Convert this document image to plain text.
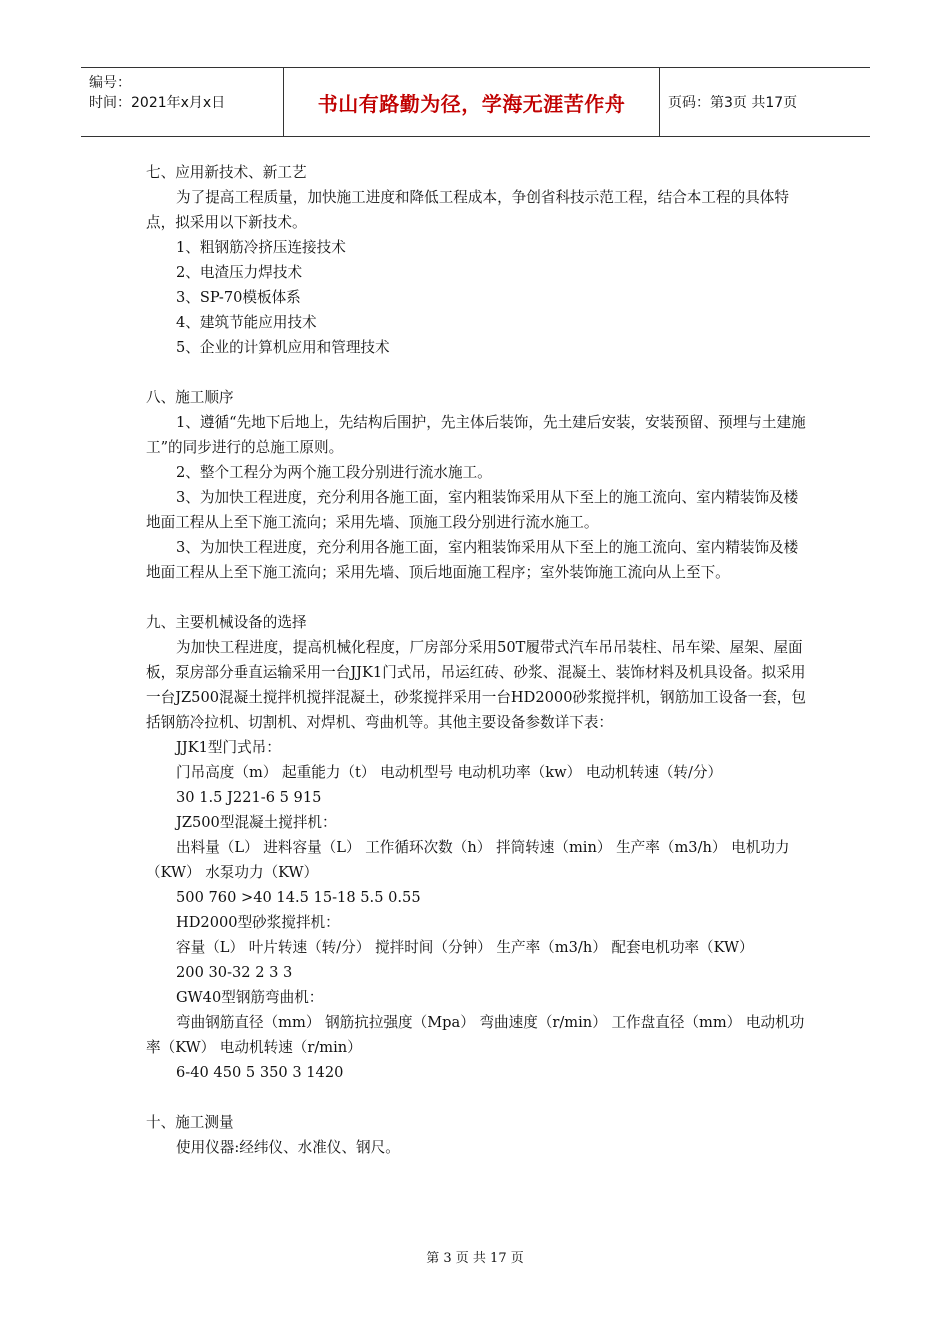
编号：
时间：2021年x月x日	书山有路勤为径，学海无涯苦作舟	页码：第3页 共17页

七、应用新技术、新工艺

为了提高工程质量，加快施工进度和降低工程成本，争创省科技示范工程，结合本工程的具体特点，拟采用以下新技术。

1、粗钢筋冷挤压连接技术

2、电渣压力焊技术

3、SP-70模板体系

4、建筑节能应用技术

5、企业的计算机应用和管理技术

八、施工顺序

1、遵循“先地下后地上，先结构后围护，先主体后装饰，先土建后安装，安装预留、预埋与土建施工”的同步进行的总施工原则。

2、整个工程分为两个施工段分别进行流水施工。

3、为加快工程进度，充分利用各施工面，室内粗装饰采用从下至上的施工流向、室内精装饰及楼地面工程从上至下施工流向；采用先墙、顶施工段分别进行流水施工。

3、为加快工程进度，充分利用各施工面，室内粗装饰采用从下至上的施工流向、室内精装饰及楼地面工程从上至下施工流向；采用先墙、顶后地面施工程序；室外装饰施工流向从上至下。

九、主要机械设备的选择

为加快工程进度，提高机械化程度，厂房部分采用50T履带式汽车吊吊装柱、吊车梁、屋架、屋面板，泵房部分垂直运输采用一台JJK1门式吊，吊运红砖、砂浆、混凝土、装饰材料及机具设备。拟采用一台JZ500混凝土搅拌机搅拌混凝土，砂浆搅拌采用一台HD2000砂浆搅拌机，钢筋加工设备一套，包括钢筋冷拉机、切割机、对焊机、弯曲机等。其他主要设备参数详下表：

JJK1型门式吊：

门吊高度（m） 起重能力（t） 电动机型号 电动机功率（kw） 电动机转速（转/分）

30 1.5 J221-6 5 915

JZ500型混凝土搅拌机：

出料量（L） 进料容量（L） 工作循环次数（h） 拌筒转速（min） 生产率（m3/h） 电机功力（KW） 水泵功力（KW）

500 760 >40 14.5 15-18 5.5 0.55

HD2000型砂浆搅拌机：

容量（L） 叶片转速（转/分） 搅拌时间（分钟） 生产率（m3/h） 配套电机功率（KW）

200 30-32 2 3 3

GW40型钢筋弯曲机：

弯曲钢筋直径（mm） 钢筋抗拉强度（Mpa） 弯曲速度（r/min） 工作盘直径（mm） 电动机功率（KW） 电动机转速（r/min）

6-40 450 5 350 3 1420

十、施工测量

使用仪器:经纬仪、水准仪、钢尺。

第 3 页 共 17 页
